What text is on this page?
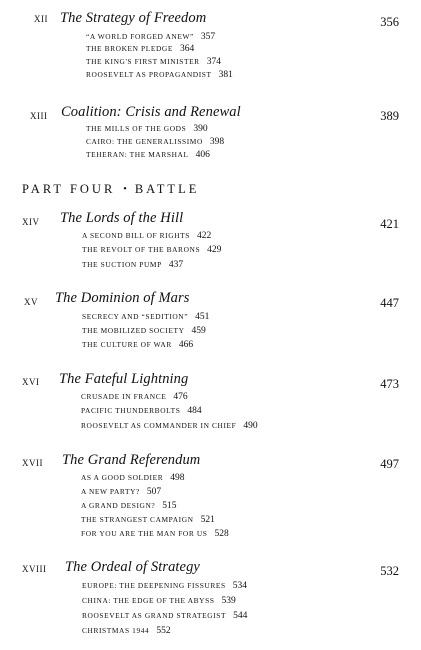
XII The Strategy of Freedom	356
“A WORLD FORGED ANEW” 357
THE BROKEN PLEDGE 364
THE KING'S FIRST MINISTER 374
ROOSEVELT AS PROPAGANDIST 381
XIII Coalition: Crisis and Renewal	389
THE MILLS OF THE GODS 390
CAIRO: THE GENERALISSIMO 398
TEHERAN: THE MARSHAL 406
PART FOUR • BATTLE
XIV The Lords of the Hill	421
A SECOND BILL OF RIGHTS 422
THE REVOLT OF THE BARONS 429
THE SUCTION PUMP 437
XV The Dominion of Mars	447
SECRECY AND “SEDITION” 451
THE MOBILIZED SOCIETY 459
THE CULTURE OF WAR 466
XVI The Fateful Lightning	473
CRUSADE IN FRANCE 476
PACIFIC THUNDERBOLTS 484
ROOSEVELT AS COMMANDER IN CHIEF 490
XVII The Grand Referendum	497
AS A GOOD SOLDIER 498
A NEW PARTY? 507
A GRAND DESIGN? 515
THE STRANGEST CAMPAIGN 521
FOR YOU ARE THE MAN FOR US 528
XVIII The Ordeal of Strategy	532
EUROPE: THE DEEPENING FISSURES 534
CHINA: THE EDGE OF THE ABYSS 539
ROOSEVELT AS GRAND STRATEGIST 544
CHRISTMAS 1944 552
